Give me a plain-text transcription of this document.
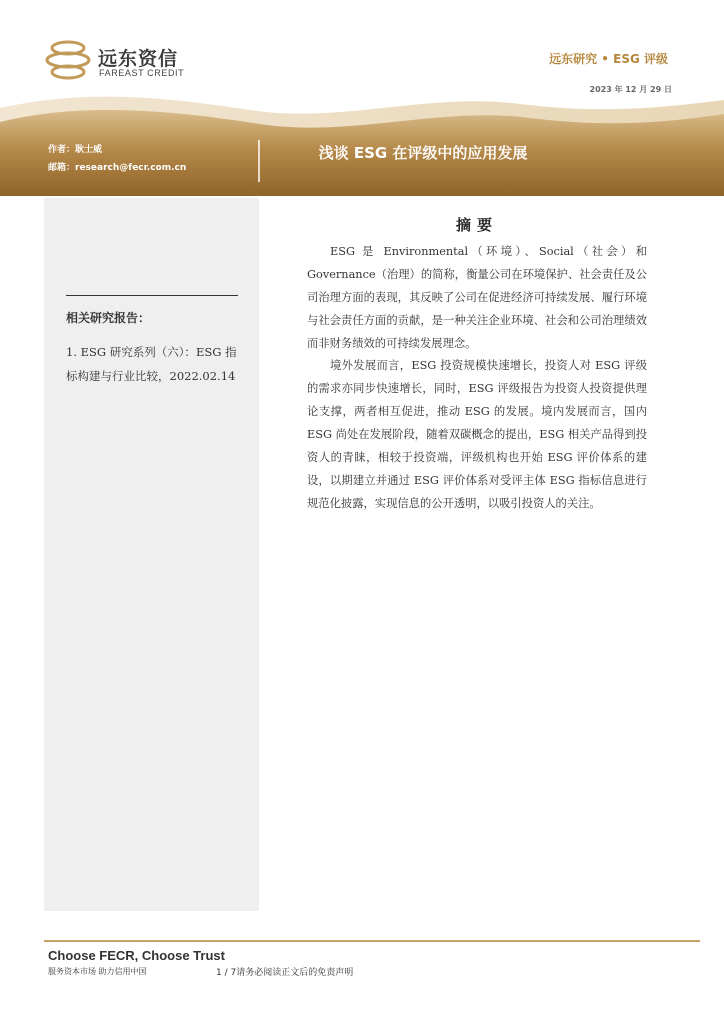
远东资信
FAREAST CREDIT
远东研究 • ESG 评级
2023 年 12 月 29 日
作者：耿士威
邮箱：research@fecr.com.cn
浅谈 ESG 在评级中的应用发展
相关研究报告：
1. ESG 研究系列（六）：ESG 指标构建与行业比较，2022.02.14
摘要

ESG 是 Environmental（环境）、Social（社会）和 Governance（治理）的简称，衡量公司在环境保护、社会责任及公司治理方面的表现，其反映了公司在促进经济可持续发展、履行环境与社会责任方面的贡献，是一种关注企业环境、社会和公司治理绩效而非财务绩效的可持续发展理念。

境外发展而言，ESG 投资规模快速增长，投资人对 ESG 评级的需求亦同步快速增长，同时，ESG 评级报告为投资人投资提供理论支撑，两者相互促进，推动 ESG 的发展。境内发展而言，国内 ESG 尚处在发展阶段，随着双碳概念的提出，ESG 相关产品得到投资人的青睐，相较于投资端，评级机构也开始 ESG 评价体系的建设，以期建立并通过 ESG 评价体系对受评主体 ESG 指标信息进行规范化披露，实现信息的公开透明，以吸引投资人的关注。

Choose FECR, Choose Trust
服务资本市场 助力信用中国	1 / 7请务必阅读正文后的免责声明
